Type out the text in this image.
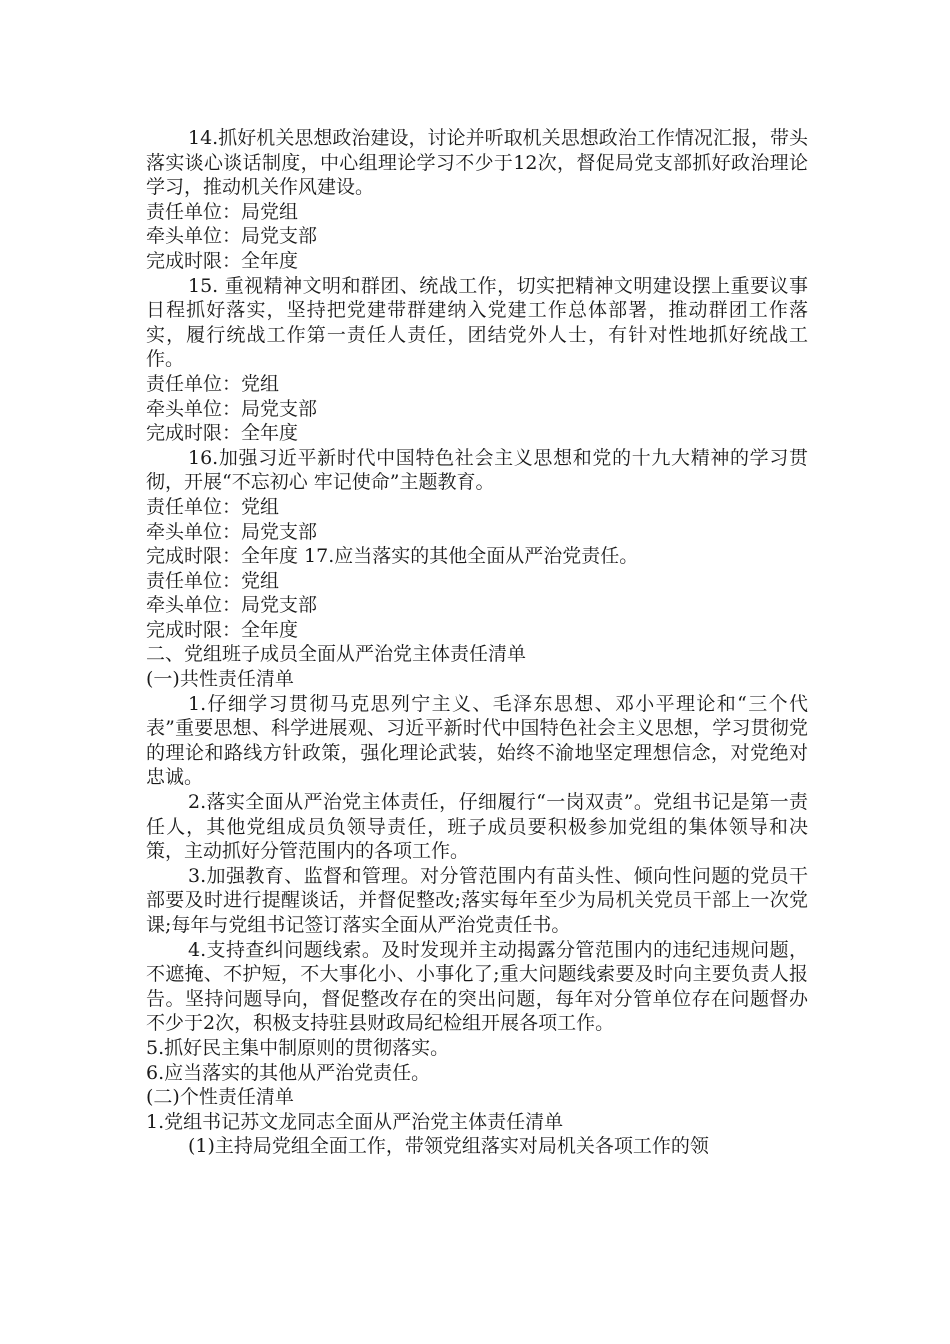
14.抓好机关思想政治建设，讨论并听取机关思想政治工作情况汇报，带头落实谈心谈话制度，中心组理论学习不少于12次，督促局党支部抓好政治理论学习，推动机关作风建设。

责任单位：局党组

牵头单位：局党支部

完成时限：全年度

15. 重视精神文明和群团、统战工作，切实把精神文明建设摆上重要议事日程抓好落实，坚持把党建带群建纳入党建工作总体部署，推动群团工作落实，履行统战工作第一责任人责任，团结党外人士，有针对性地抓好统战工作。

责任单位：党组

牵头单位：局党支部

完成时限：全年度

16.加强习近平新时代中国特色社会主义思想和党的十九大精神的学习贯彻，开展“不忘初心 牢记使命”主题教育。

责任单位：党组

牵头单位：局党支部

完成时限：全年度 17.应当落实的其他全面从严治党责任。

责任单位：党组

牵头单位：局党支部

完成时限：全年度

二、党组班子成员全面从严治党主体责任清单

(一)共性责任清单

1.仔细学习贯彻马克思列宁主义、毛泽东思想、邓小平理论和“三个代表”重要思想、科学进展观、习近平新时代中国特色社会主义思想，学习贯彻党的理论和路线方针政策，强化理论武装，始终不渝地坚定理想信念，对党绝对忠诚。

2.落实全面从严治党主体责任，仔细履行“一岗双责”。党组书记是第一责任人，其他党组成员负领导责任，班子成员要积极参加党组的集体领导和决策，主动抓好分管范围内的各项工作。

3.加强教育、监督和管理。对分管范围内有苗头性、倾向性问题的党员干部要及时进行提醒谈话，并督促整改;落实每年至少为局机关党员干部上一次党课;每年与党组书记签订落实全面从严治党责任书。

4.支持查纠问题线索。及时发现并主动揭露分管范围内的违纪违规问题，不遮掩、不护短，不大事化小、小事化了;重大问题线索要及时向主要负责人报告。坚持问题导向，督促整改存在的突出问题，每年对分管单位存在问题督办不少于2次，积极支持驻县财政局纪检组开展各项工作。

5.抓好民主集中制原则的贯彻落实。

6.应当落实的其他从严治党责任。

(二)个性责任清单

1.党组书记苏文龙同志全面从严治党主体责任清单

(1)主持局党组全面工作，带领党组落实对局机关各项工作的领
